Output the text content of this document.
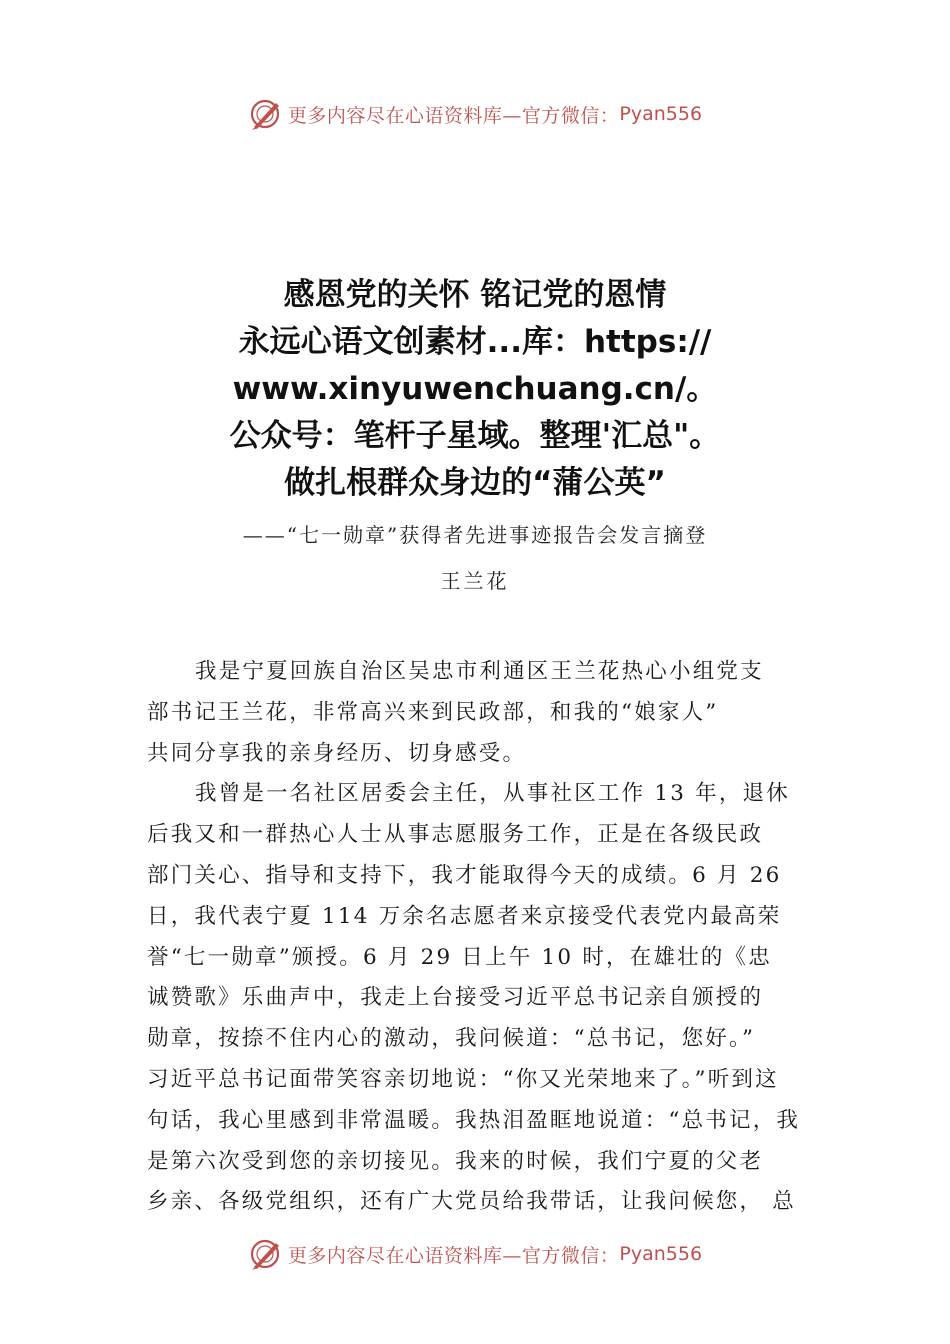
更多内容尽在心语资料库—官方微信： Pyan556
感恩党的关怀 铭记党的恩情
永远心语文创素材...库：https://
www.xinyuwenchuang.cn/。
公众号：笔杆子星域。整理'汇总"。
做扎根群众身边的“蒲公英”
——“七一勋章”获得者先进事迹报告会发言摘登
王兰花
我是宁夏回族自治区吴忠市利通区王兰花热心小组党支
部书记王兰花，非常高兴来到民政部，和我的“娘家人”
共同分享我的亲身经历、切身感受。
我曾是一名社区居委会主任，从事社区工作 13 年，退休
后我又和一群热心人士从事志愿服务工作，正是在各级民政
部门关心、指导和支持下，我才能取得今天的成绩。6 月 26
日，我代表宁夏 114 万余名志愿者来京接受代表党内最高荣
誉“七一勋章”颁授。6 月 29 日上午 10 时，在雄壮的《忠
诚赞歌》乐曲声中，我走上台接受习近平总书记亲自颁授的
勋章，按捺不住内心的激动，我问候道：“总书记，您好。”
习近平总书记面带笑容亲切地说：“你又光荣地来了。”听到这
句话，我心里感到非常温暖。我热泪盈眶地说道：“总书记，我
是第六次受到您的亲切接见。我来的时候，我们宁夏的父老
乡亲、各级党组织，还有广大党员给我带话，让我问候您， 总
更多内容尽在心语资料库—官方微信： Pyan556
